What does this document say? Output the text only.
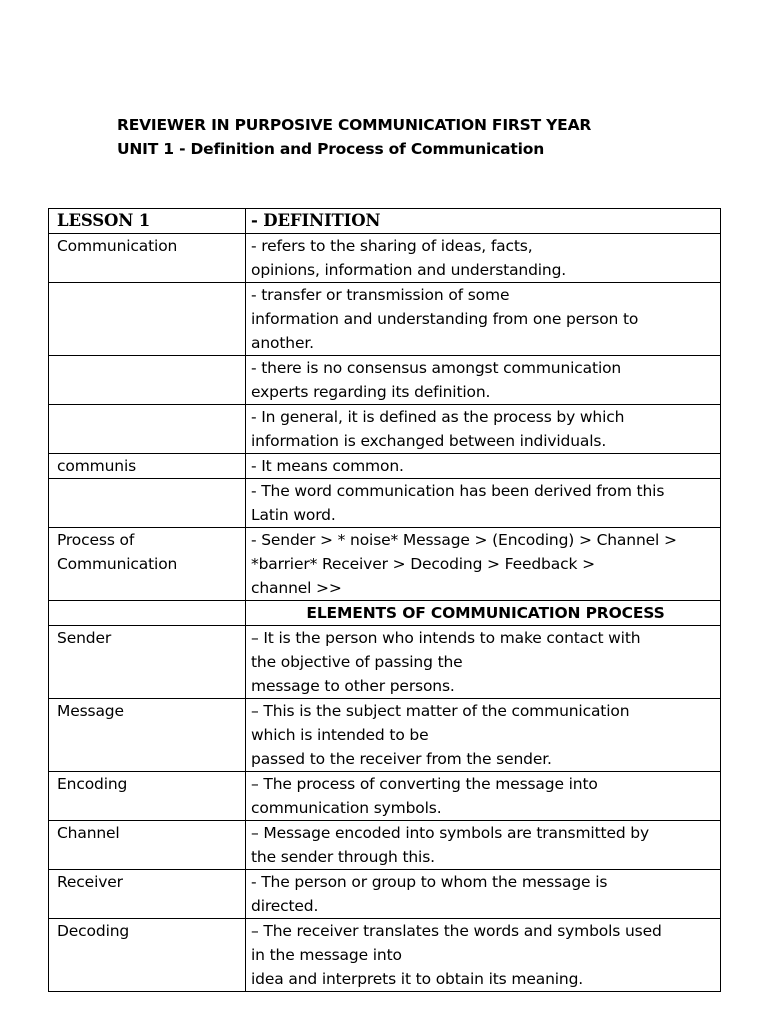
REVIEWER IN PURPOSIVE COMMUNICATION FIRST YEAR
UNIT 1 - Definition and Process of Communication
LESSON 1	- DEFINITION

Communication	- refers to the sharing of ideas, facts,
opinions, information and understanding.

	- transfer or transmission of some
information and understanding from one person to
another.

	- there is no consensus amongst communication
experts regarding its definition.

	- In general, it is defined as the process by which
information is exchanged between individuals.

communis	- It means common.

	- The word communication has been derived from this
Latin word.

Process of
Communication	- Sender > * noise* Message > (Encoding) > Channel >
*barrier* Receiver > Decoding > Feedback >
channel >>

	ELEMENTS OF COMMUNICATION PROCESS

Sender	– It is the person who intends to make contact with
the objective of passing the
message to other persons.

Message	– This is the subject matter of the communication
which is intended to be
passed to the receiver from the sender.

Encoding	– The process of converting the message into
communication symbols.

Channel	– Message encoded into symbols are transmitted by
the sender through this.

Receiver	- The person or group to whom the message is
directed.

Decoding	– The receiver translates the words and symbols used
in the message into
idea and interprets it to obtain its meaning.
